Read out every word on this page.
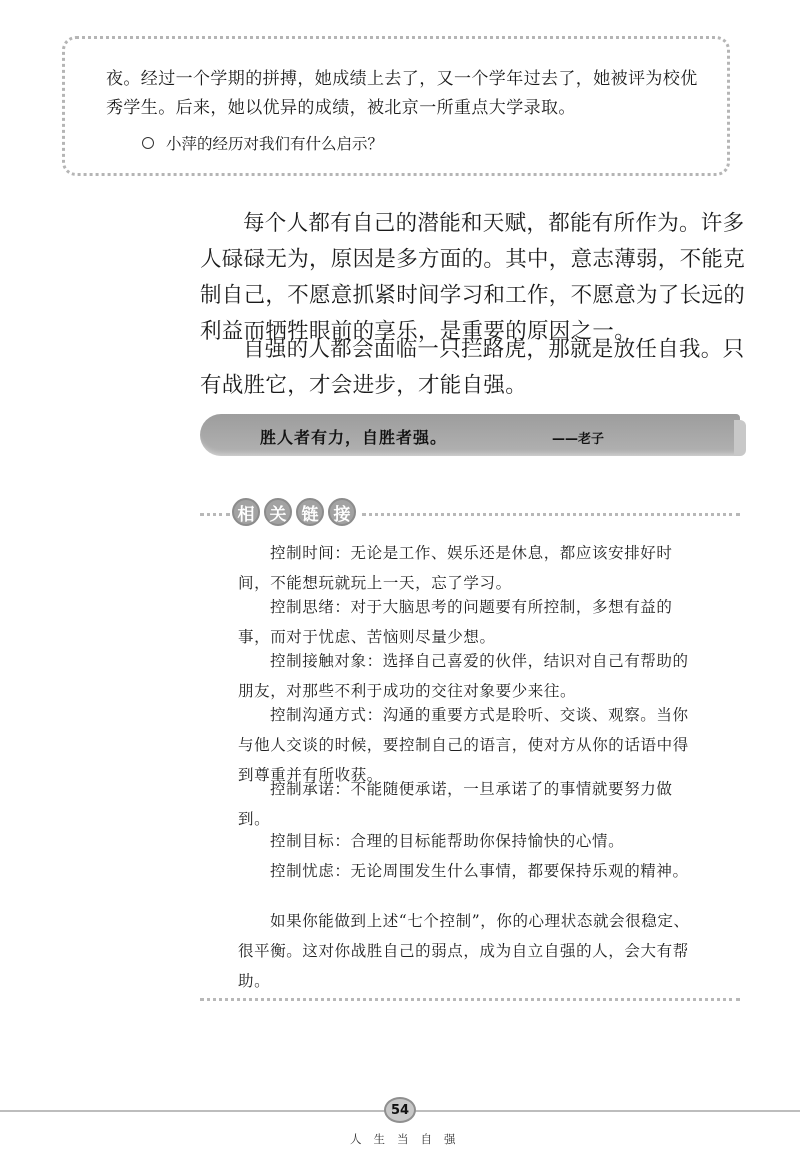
夜。经过一个学期的拼搏，她成绩上去了，又一个学年过去了，她被评为校优
秀学生。后来，她以优异的成绩，被北京一所重点大学录取。
小萍的经历对我们有什么启示？

每个人都有自己的潜能和天赋，都能有所作为。许多人碌碌无为，原因是多方面的。其中，意志薄弱，不能克制自己，不愿意抓紧时间学习和工作，不愿意为了长远的利益而牺牲眼前的享乐，是重要的原因之一。

自强的人都会面临一只拦路虎，那就是放任自我。只有战胜它，才会进步，才能自强。

胜人者有力，自胜者强。	——老子
相 关 链 接

控制时间：无论是工作、娱乐还是休息，都应该安排好时间，不能想玩就玩上一天，忘了学习。

控制思绪：对于大脑思考的问题要有所控制，多想有益的事，而对于忧虑、苦恼则尽量少想。

控制接触对象：选择自己喜爱的伙伴，结识对自己有帮助的朋友，对那些不利于成功的交往对象要少来往。

控制沟通方式：沟通的重要方式是聆听、交谈、观察。当你与他人交谈的时候，要控制自己的语言，使对方从你的话语中得到尊重并有所收获。

控制承诺：不能随便承诺，一旦承诺了的事情就要努力做到。

控制目标：合理的目标能帮助你保持愉快的心情。

控制忧虑：无论周围发生什么事情，都要保持乐观的精神。

如果你能做到上述“七个控制”，你的心理状态就会很稳定、很平衡。这对你战胜自己的弱点，成为自立自强的人，会大有帮助。

54
人生当自强
